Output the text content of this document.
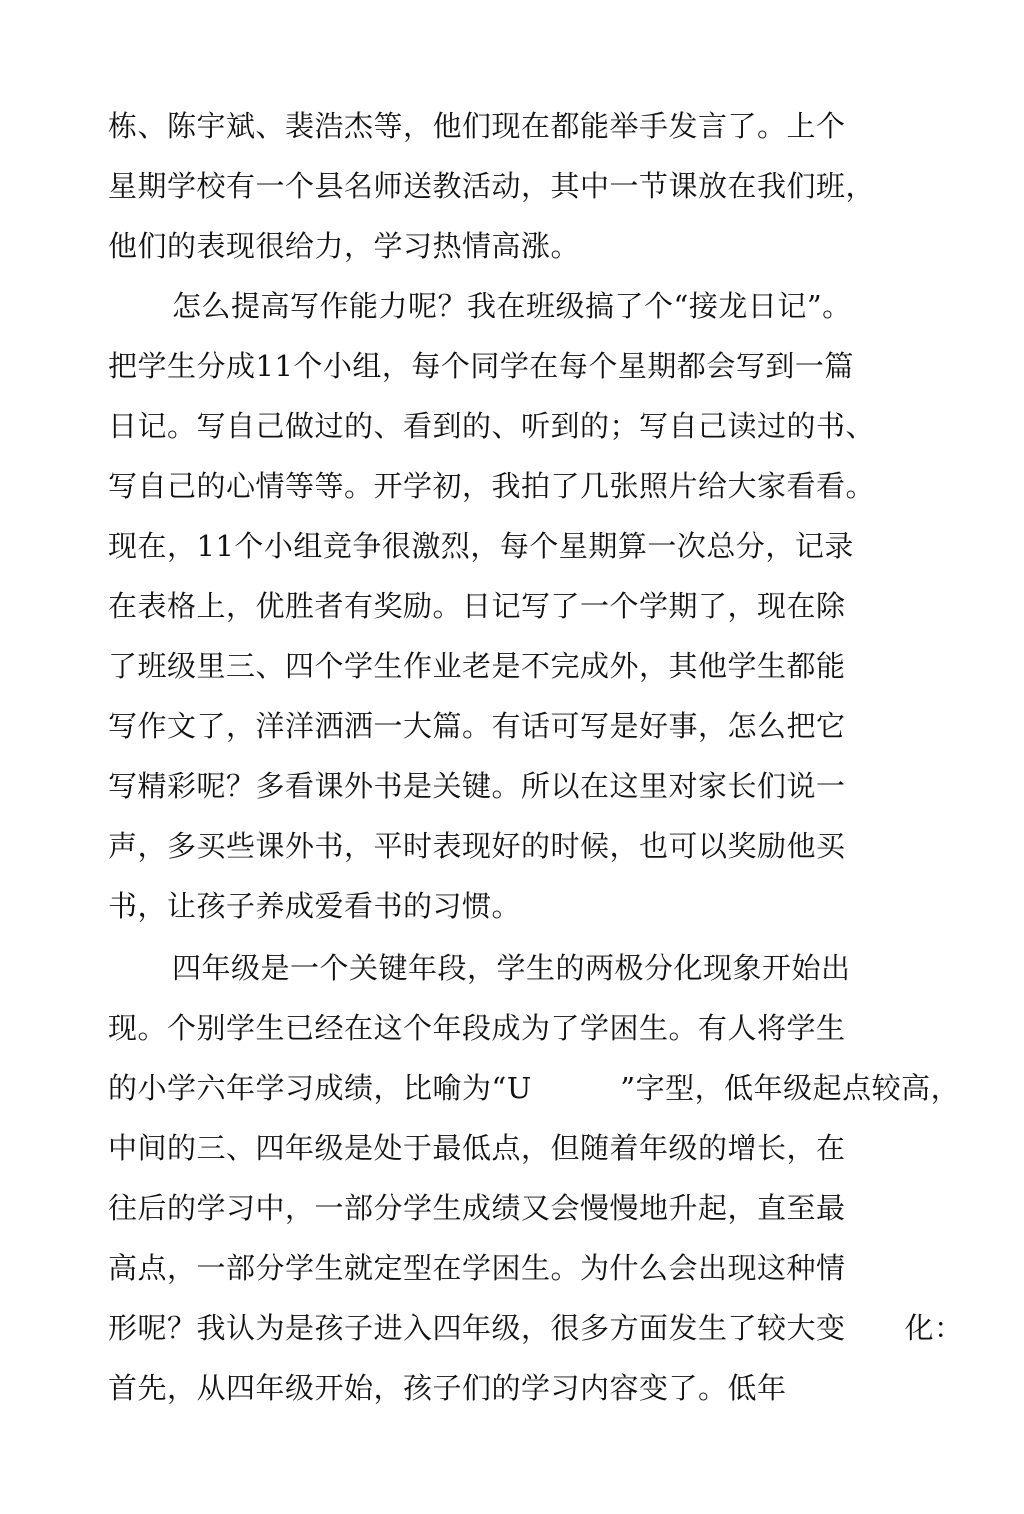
栋、陈宇斌、裴浩杰等，他们现在都能举手发言了。上个

星期学校有一个县名师送教活动，其中一节课放在我们班，

他们的表现很给力，学习热情高涨。

怎么提高写作能力呢？我在班级搞了个“接龙日记”。

把学生分成11个小组，每个同学在每个星期都会写到一篇

日记。写自己做过的、看到的、听到的；写自己读过的书、

写自己的心情等等。开学初，我拍了几张照片给大家看看。

现在，11个小组竞争很激烈，每个星期算一次总分，记录

在表格上，优胜者有奖励。日记写了一个学期了，现在除

了班级里三、四个学生作业老是不完成外，其他学生都能

写作文了，洋洋洒洒一大篇。有话可写是好事，怎么把它

写精彩呢？多看课外书是关键。所以在这里对家长们说一

声，多买些课外书，平时表现好的时候，也可以奖励他买

书，让孩子养成爱看书的习惯。

四年级是一个关键年段，学生的两极分化现象开始出

现。个别学生已经在这个年段成为了学困生。有人将学生

的小学六年学习成绩，比喻为“U　　　”字型，低年级起点较高，

中间的三、四年级是处于最低点，但随着年级的增长，在

往后的学习中，一部分学生成绩又会慢慢地升起，直至最

高点，一部分学生就定型在学困生。为什么会出现这种情

形呢？我认为是孩子进入四年级，很多方面发生了较大变　　化：

首先，从四年级开始，孩子们的学习内容变了。低年
